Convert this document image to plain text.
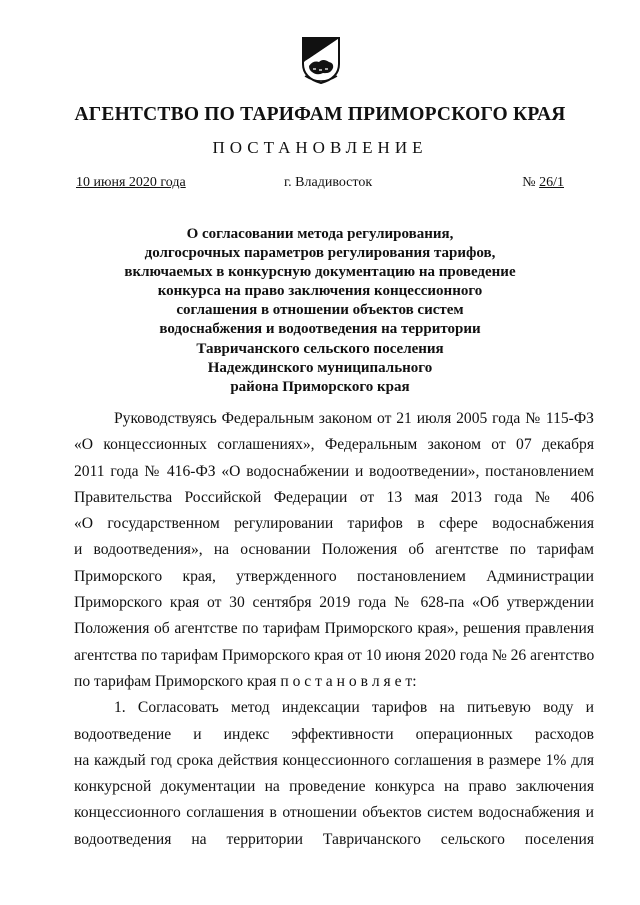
АГЕНТСТВО ПО ТАРИФАМ ПРИМОРСКОГО КРАЯ
ПОСТАНОВЛЕНИЕ
10 июня 2020 года	г. Владивосток	№ 26/1
О согласовании метода регулирования,
долгосрочных параметров регулирования тарифов,
включаемых в конкурсную документацию на проведение
конкурса на право заключения концессионного
соглашения в отношении объектов систем
водоснабжения и водоотведения на территории
Тавричанского сельского поселения
Надеждинского муниципального
района Приморского края
Руководствуясь Федеральным законом от 21 июля 2005 года № 115-ФЗ
«О концессионных соглашениях», Федеральным законом от 07 декабря
2011 года № 416-ФЗ «О водоснабжении и водоотведении», постановлением
Правительства Российской Федерации от 13 мая 2013 года № 406
«О государственном регулировании тарифов в сфере водоснабжения
и водоотведения», на основании Положения об агентстве по тарифам
Приморского края, утвержденного постановлением Администрации
Приморского края от 30 сентября 2019 года № 628-па «Об утверждении
Положения об агентстве по тарифам Приморского края», решения правления
агентства по тарифам Приморского края от 10 июня 2020 года № 26 агентство
по тарифам Приморского края п о с т а н о в л я е т:
1. Согласовать метод индексации тарифов на питьевую воду и
водоотведение и индекс эффективности операционных расходов
на каждый год срока действия концессионного соглашения в размере 1% для
конкурсной документации на проведение конкурса на право заключения
концессионного соглашения в отношении объектов систем водоснабжения и
водоотведения на территории Тавричанского сельского поселения
